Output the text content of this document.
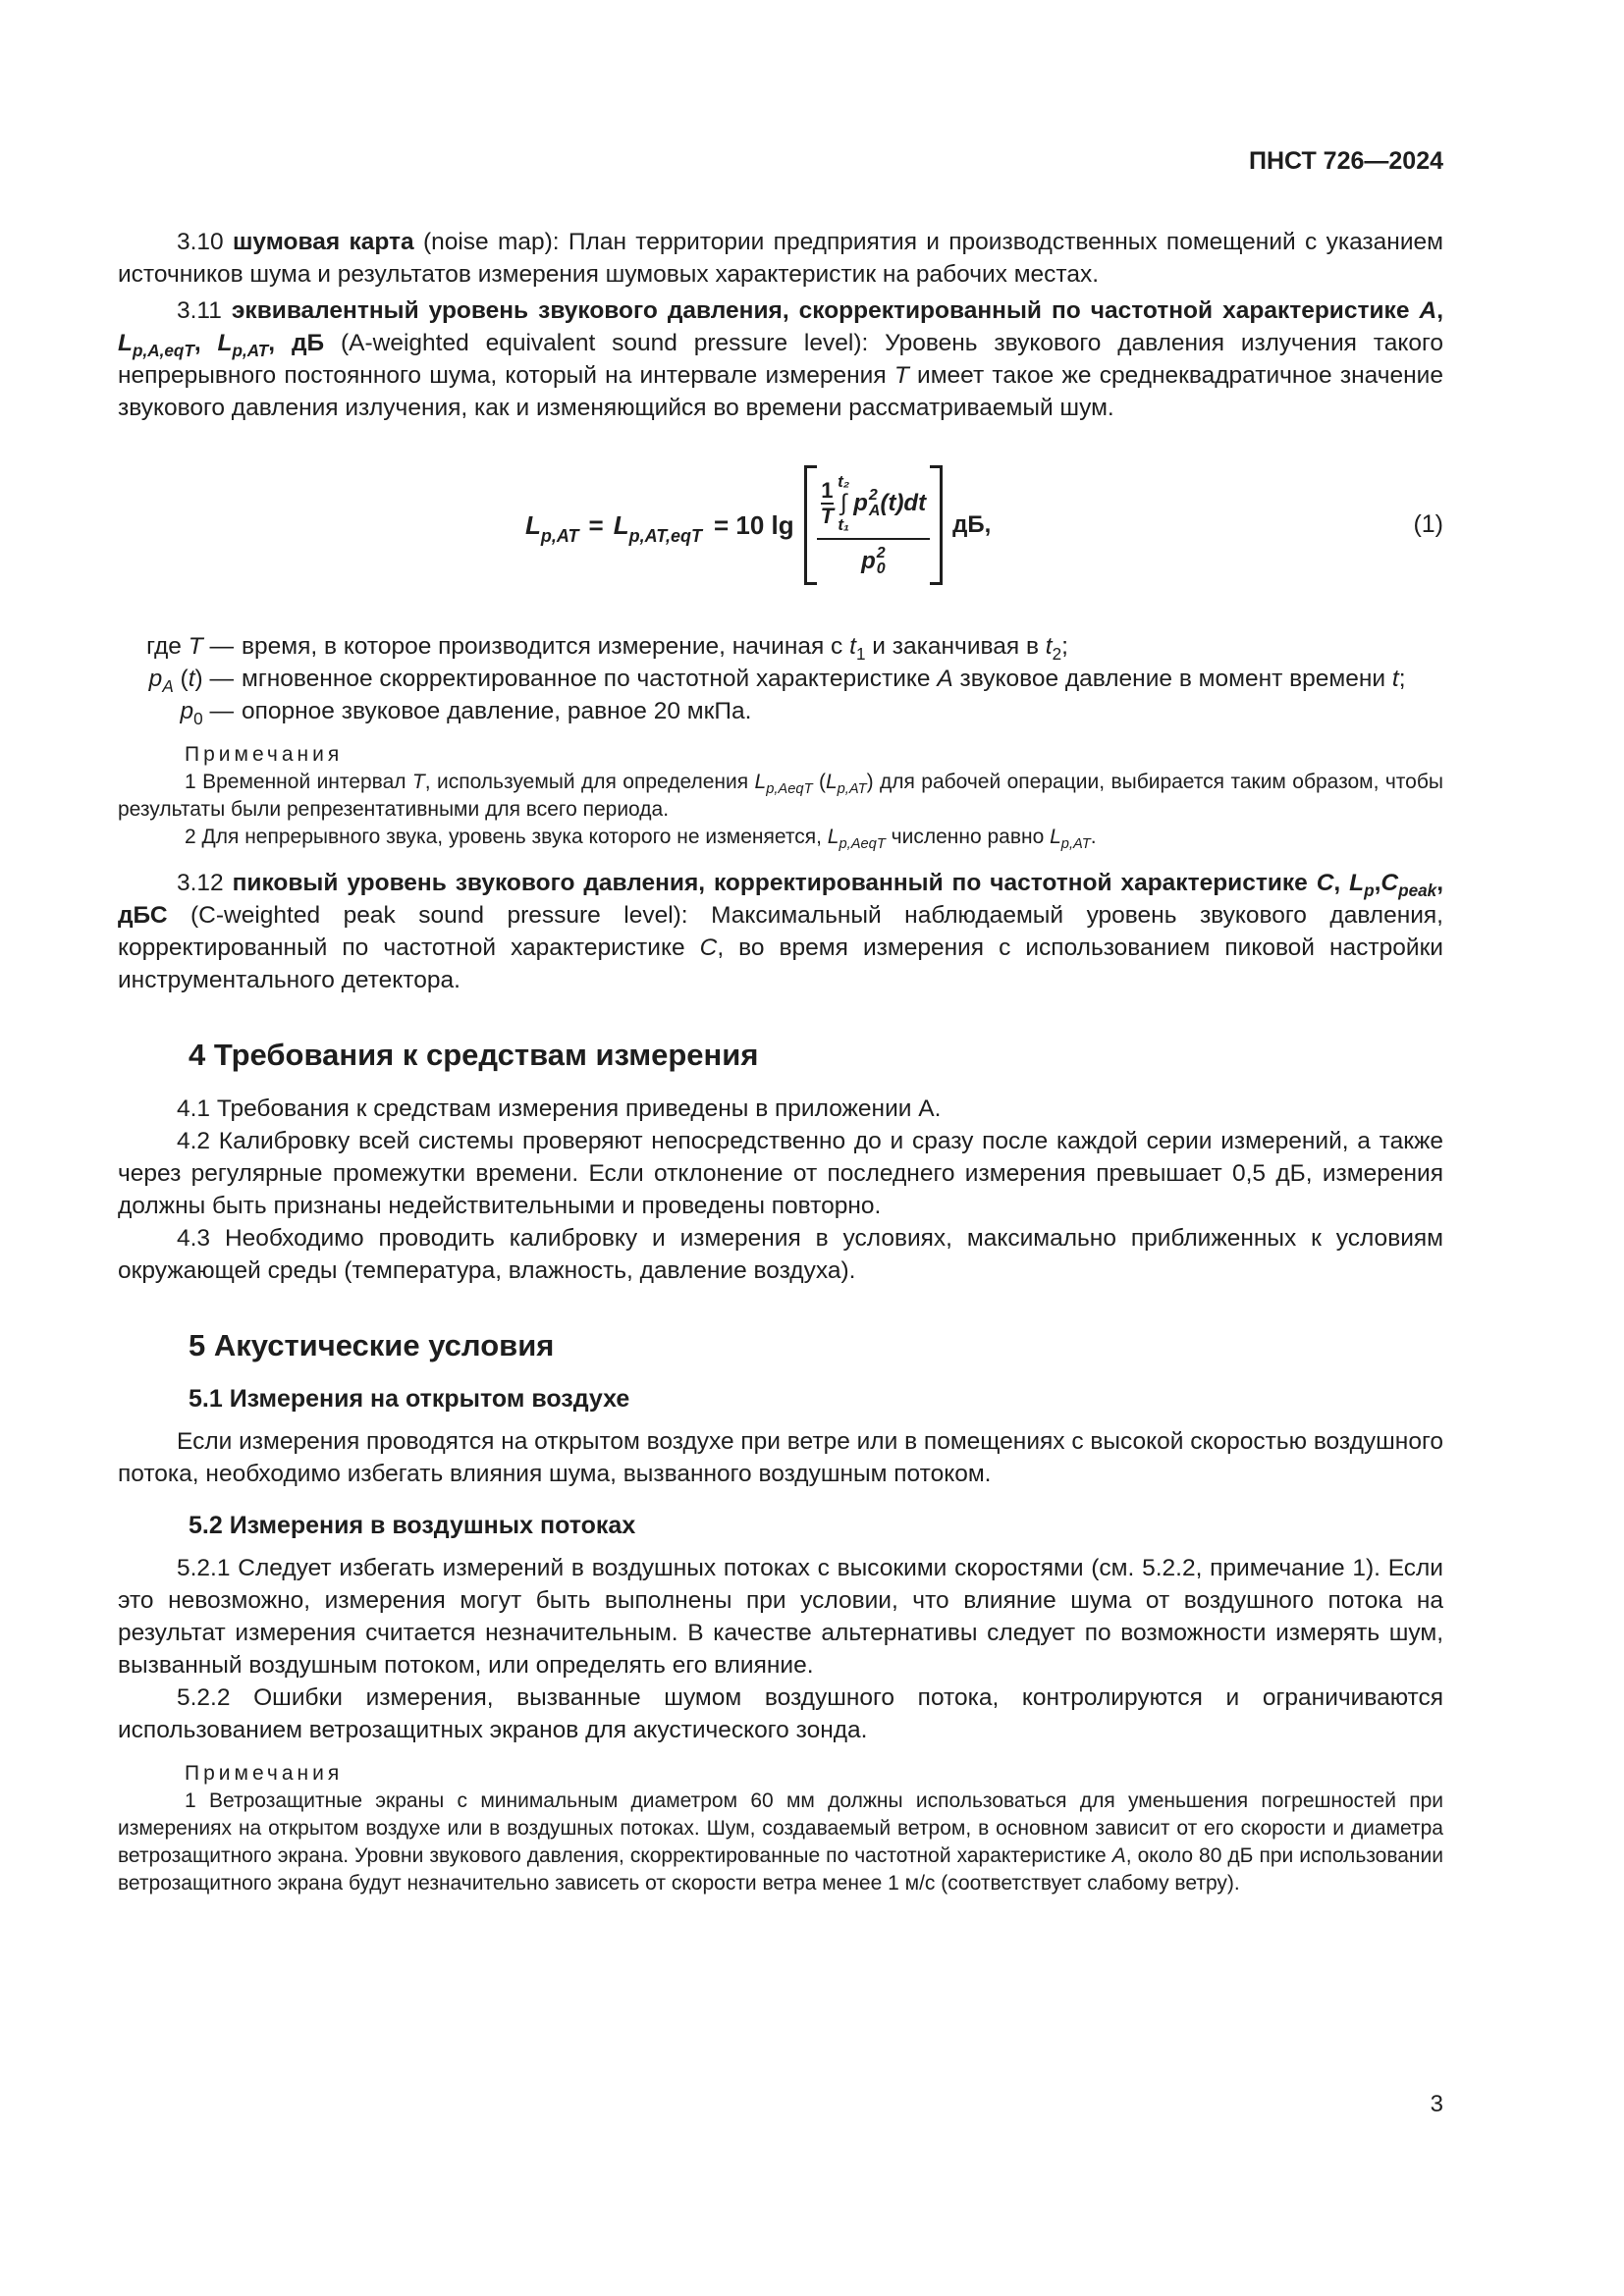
ПНСТ 726—2024

3.10 шумовая карта (noise map): План территории предприятия и производственных помещений с указанием источников шума и результатов измерения шумовых характеристик на рабочих местах.

3.11 эквивалентный уровень звукового давления, скорректированный по частотной характеристике A, $L_{p,A,eqT}$, $L_{p,AT}$, дБ (A-weighted equivalent sound pressure level): Уровень звукового давления излучения такого непрерывного постоянного шума, который на интервале измерения T имеет такое же среднеквадратичное значение звукового давления излучения, как и изменяющийся во времени рассматриваемый шум.

$L_{p,AT} = L_{p,AT,eqT} = 10$ $\lg \frac{1}{T} t_2$
∫
t₁
p 2
A (t)dt
p 2
0
дБ,	(1)
где T — время, в которое производится измерение, начиная с $t_1$ и заканчивая в $t_2$;
$p_A$ (t) — мгновенное скорректированное по частотной характеристике A звуковое давление в момент времени t;
$p_0$ — опорное звуковое давление, равное 20 мкПа.
Примечания

1 Временной интервал T, используемый для определения $L_{p,AeqT}$ $(L_{p,AT})$ для рабочей операции, выбирается таким образом, чтобы результаты были репрезентативными для всего периода.

2 Для непрерывного звука, уровень звука которого не изменяется, $L_{p,AeqT}$ численно равно $L_{p,AT}$.

3.12 пиковый уровень звукового давления, корректированный по частотной характеристике C, $L_p,C_{peak}$, дБС (C-weighted peak sound pressure level): Максимальный наблюдаемый уровень звукового давления, корректированный по частотной характеристике C, во время измерения с использованием пиковой настройки инструментального детектора.

4 Требования к средствам измерения

4.1 Требования к средствам измерения приведены в приложении А.

4.2 Калибровку всей системы проверяют непосредственно до и сразу после каждой серии измерений, а также через регулярные промежутки времени. Если отклонение от последнего измерения превышает 0,5 дБ, измерения должны быть признаны недействительными и проведены повторно.

4.3 Необходимо проводить калибровку и измерения в условиях, максимально приближенных к условиям окружающей среды (температура, влажность, давление воздуха).

5 Акустические условия
5.1 Измерения на открытом воздухе

Если измерения проводятся на открытом воздухе при ветре или в помещениях с высокой скоростью воздушного потока, необходимо избегать влияния шума, вызванного воздушным потоком.

5.2 Измерения в воздушных потоках

5.2.1 Следует избегать измерений в воздушных потоках с высокими скоростями (см. 5.2.2, примечание 1). Если это невозможно, измерения могут быть выполнены при условии, что влияние шума от воздушного потока на результат измерения считается незначительным. В качестве альтернативы следует по возможности измерять шум, вызванный воздушным потоком, или определять его влияние.

5.2.2 Ошибки измерения, вызванные шумом воздушного потока, контролируются и ограничиваются использованием ветрозащитных экранов для акустического зонда.

Примечания

1 Ветрозащитные экраны с минимальным диаметром 60 мм должны использоваться для уменьшения погрешностей при измерениях на открытом воздухе или в воздушных потоках. Шум, создаваемый ветром, в основном зависит от его скорости и диаметра ветрозащитного экрана. Уровни звукового давления, скорректированные по частотной характеристике A, около 80 дБ при использовании ветрозащитного экрана будут незначительно зависеть от скорости ветра менее 1 м/с (соответствует слабому ветру).

3
